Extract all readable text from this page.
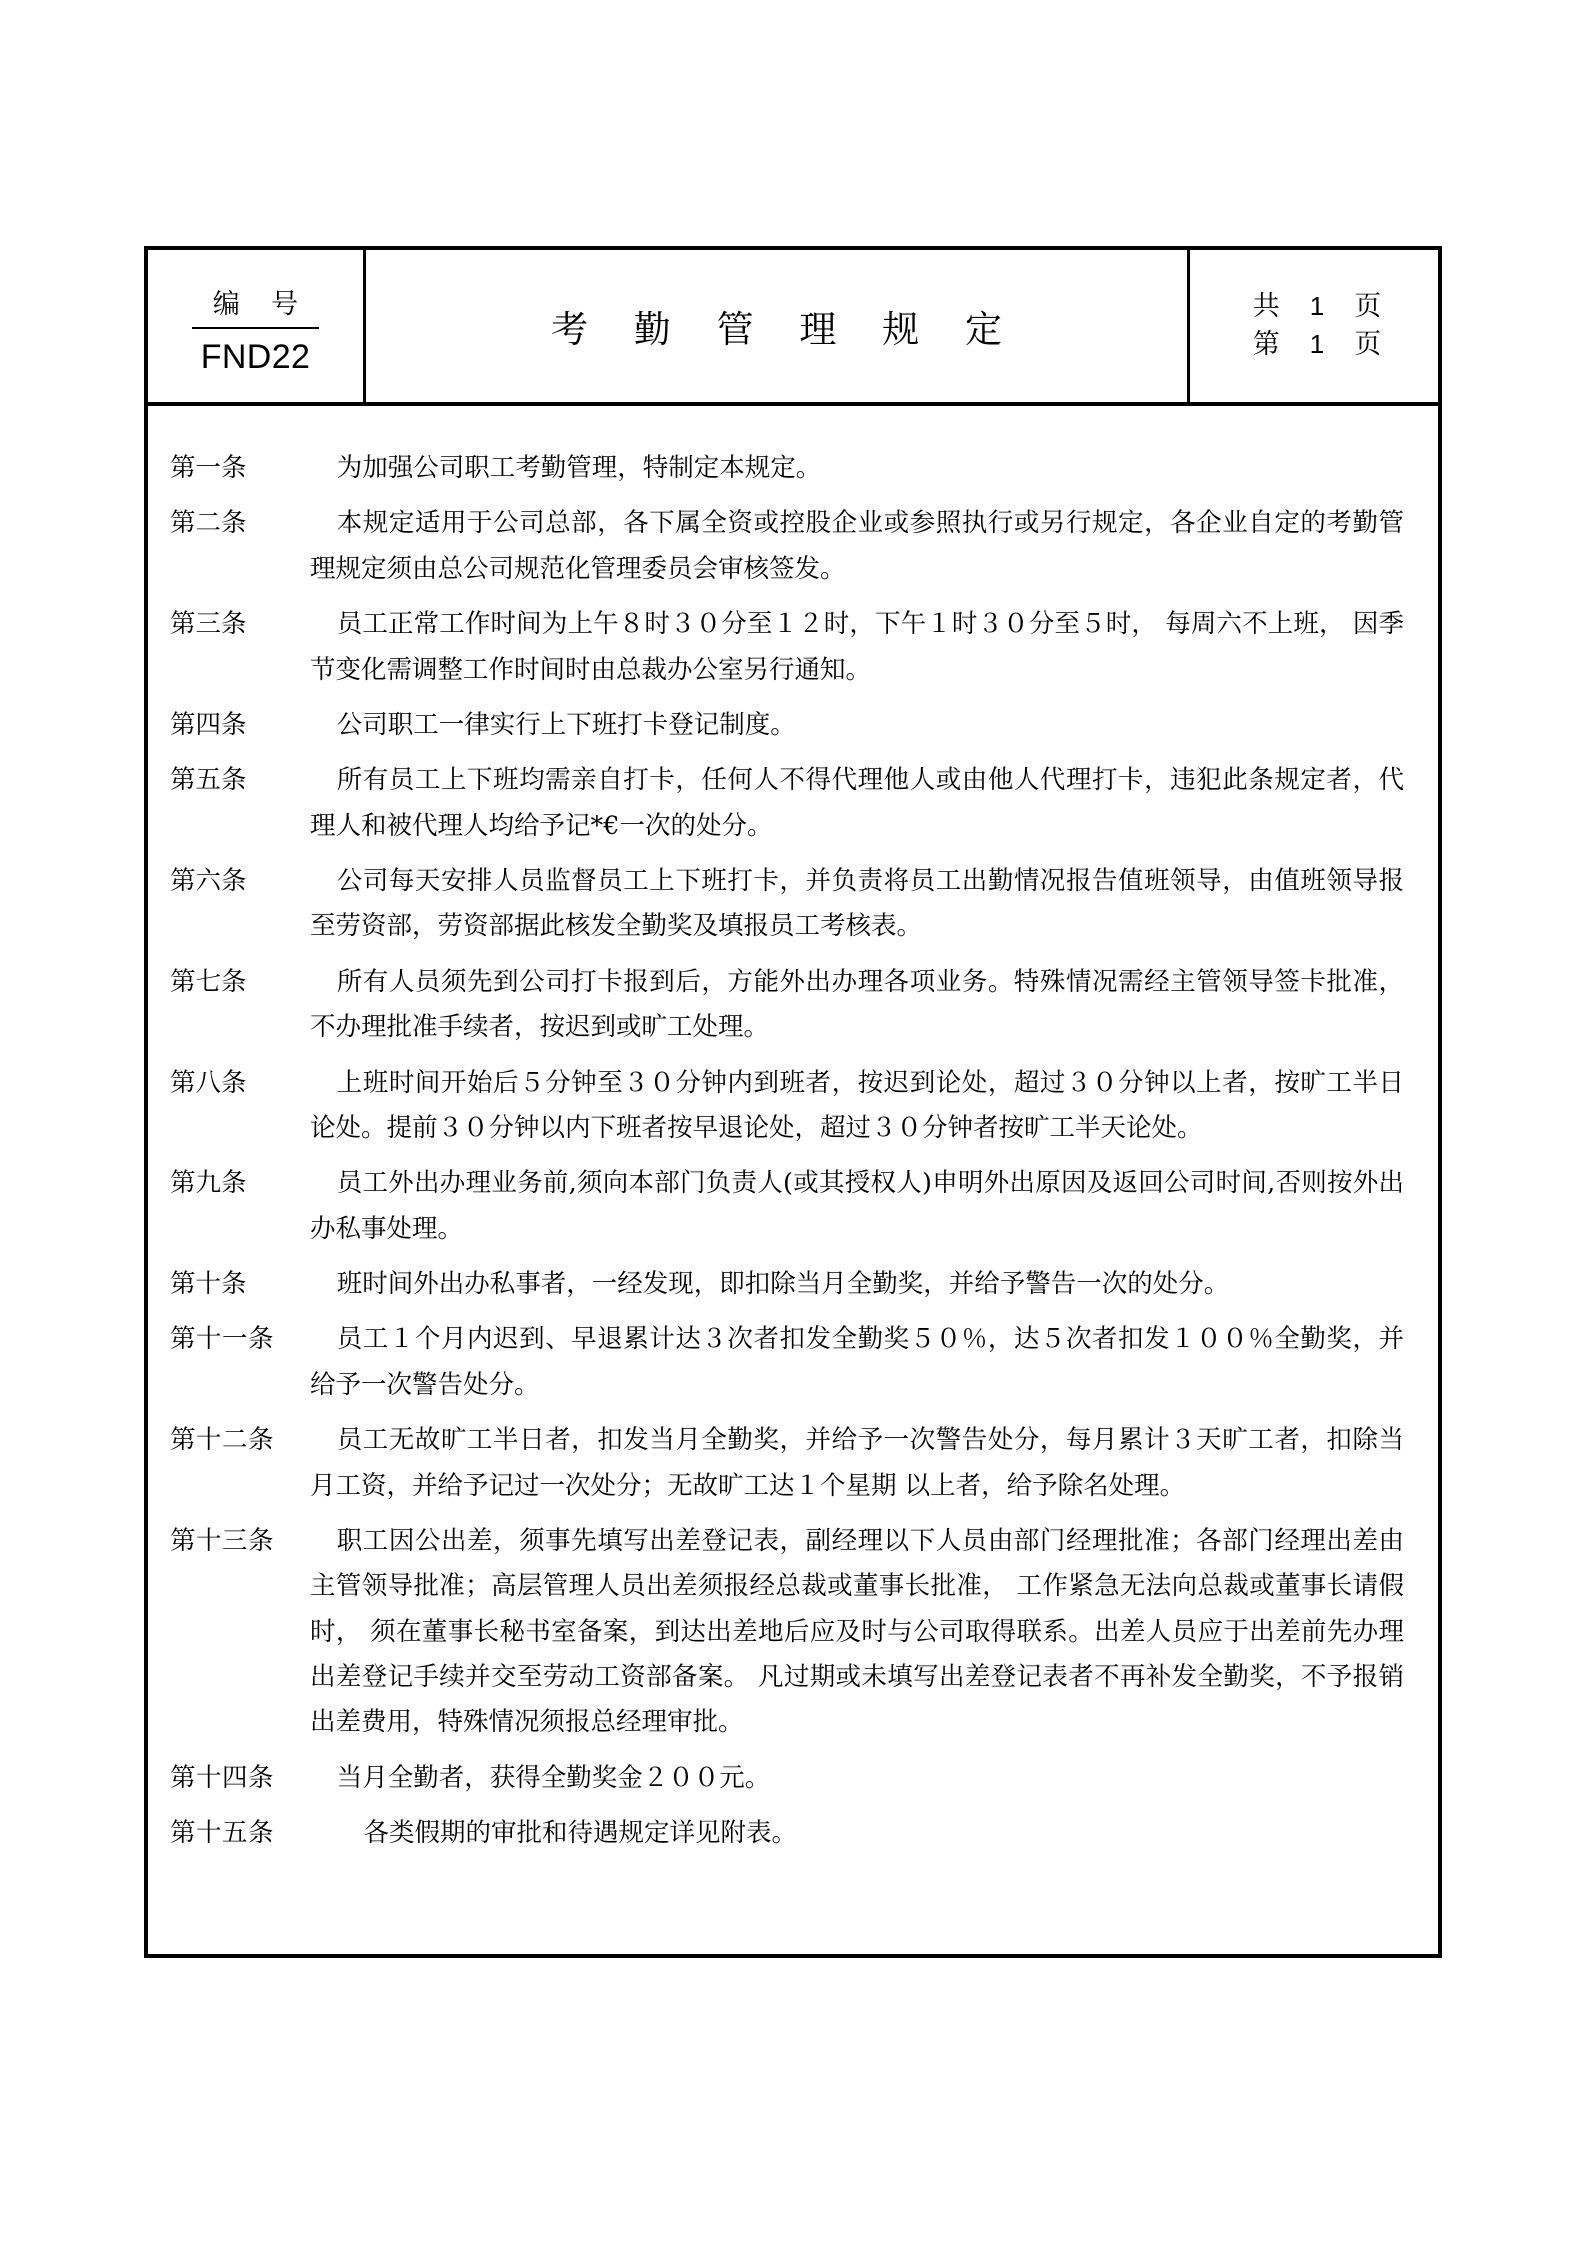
编 号
FND22
考 勤 管 理 规 定
共 1 页
第 1 页
第一条	为加强公司职工考勤管理，特制定本规定。
第二条	本规定适用于公司总部，各下属全资或控股企业或参照执行或另行规定，各企业自定的考勤管理规定须由总公司规范化管理委员会审核签发。
第三条	员工正常工作时间为上午８时３０分至１２时，下午１时３０分至５时， 每周六不上班， 因季节变化需调整工作时间时由总裁办公室另行通知。
第四条	公司职工一律实行上下班打卡登记制度。
第五条	所有员工上下班均需亲自打卡，任何人不得代理他人或由他人代理打卡，违犯此条规定者，代理人和被代理人均给予记*€一次的处分。
第六条	公司每天安排人员监督员工上下班打卡，并负责将员工出勤情况报告值班领导，由值班领导报至劳资部，劳资部据此核发全勤奖及填报员工考核表。
第七条	所有人员须先到公司打卡报到后，方能外出办理各项业务。特殊情况需经主管领导签卡批准，不办理批准手续者，按迟到或旷工处理。
第八条	上班时间开始后５分钟至３０分钟内到班者，按迟到论处，超过３０分钟以上者，按旷工半日论处。提前３０分钟以内下班者按早退论处，超过３０分钟者按旷工半天论处。
第九条	员工外出办理业务前,须向本部门负责人(或其授权人)申明外出原因及返回公司时间,否则按外出办私事处理。
第十条	班时间外出办私事者，一经发现，即扣除当月全勤奖，并给予警告一次的处分。
第十一条	员工１个月内迟到、早退累计达３次者扣发全勤奖５０％，达５次者扣发１００％全勤奖，并给予一次警告处分。
第十二条	员工无故旷工半日者，扣发当月全勤奖，并给予一次警告处分，每月累计３天旷工者，扣除当月工资，并给予记过一次处分；无故旷工达１个星期 以上者，给予除名处理。
第十三条	职工因公出差，须事先填写出差登记表，副经理以下人员由部门经理批准；各部门经理出差由主管领导批准；高层管理人员出差须报经总裁或董事长批准， 工作紧急无法向总裁或董事长请假时， 须在董事长秘书室备案，到达出差地后应及时与公司取得联系。出差人员应于出差前先办理出差登记手续并交至劳动工资部备案。 凡过期或未填写出差登记表者不再补发全勤奖，不予报销出差费用，特殊情况须报总经理审批。
第十四条	当月全勤者，获得全勤奖金２００元。
第十五条	各类假期的审批和待遇规定详见附表。
